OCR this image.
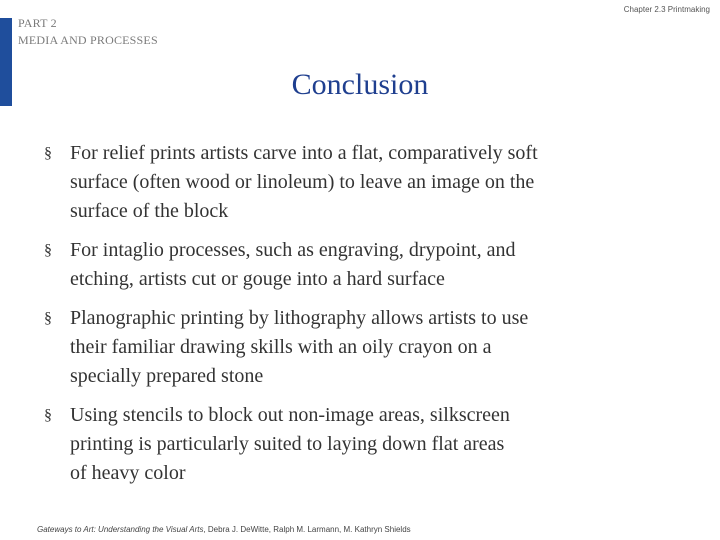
PART 2
MEDIA AND PROCESSES
Chapter 2.3 Printmaking
Conclusion
§ For relief prints artists carve into a flat, comparatively soft
surface (often wood or linoleum) to leave an image on the
surface of the block
§ For intaglio processes, such as engraving, drypoint, and
etching, artists cut or gouge into a hard surface
§ Planographic printing by lithography allows artists to use
their familiar drawing skills with an oily crayon on a
specially prepared stone
§ Using stencils to block out non-image areas, silkscreen
printing is particularly suited to laying down flat areas
of heavy color
Gateways to Art: Understanding the Visual Arts, Debra J. DeWitte, Ralph M. Larmann, M. Kathryn Shields
